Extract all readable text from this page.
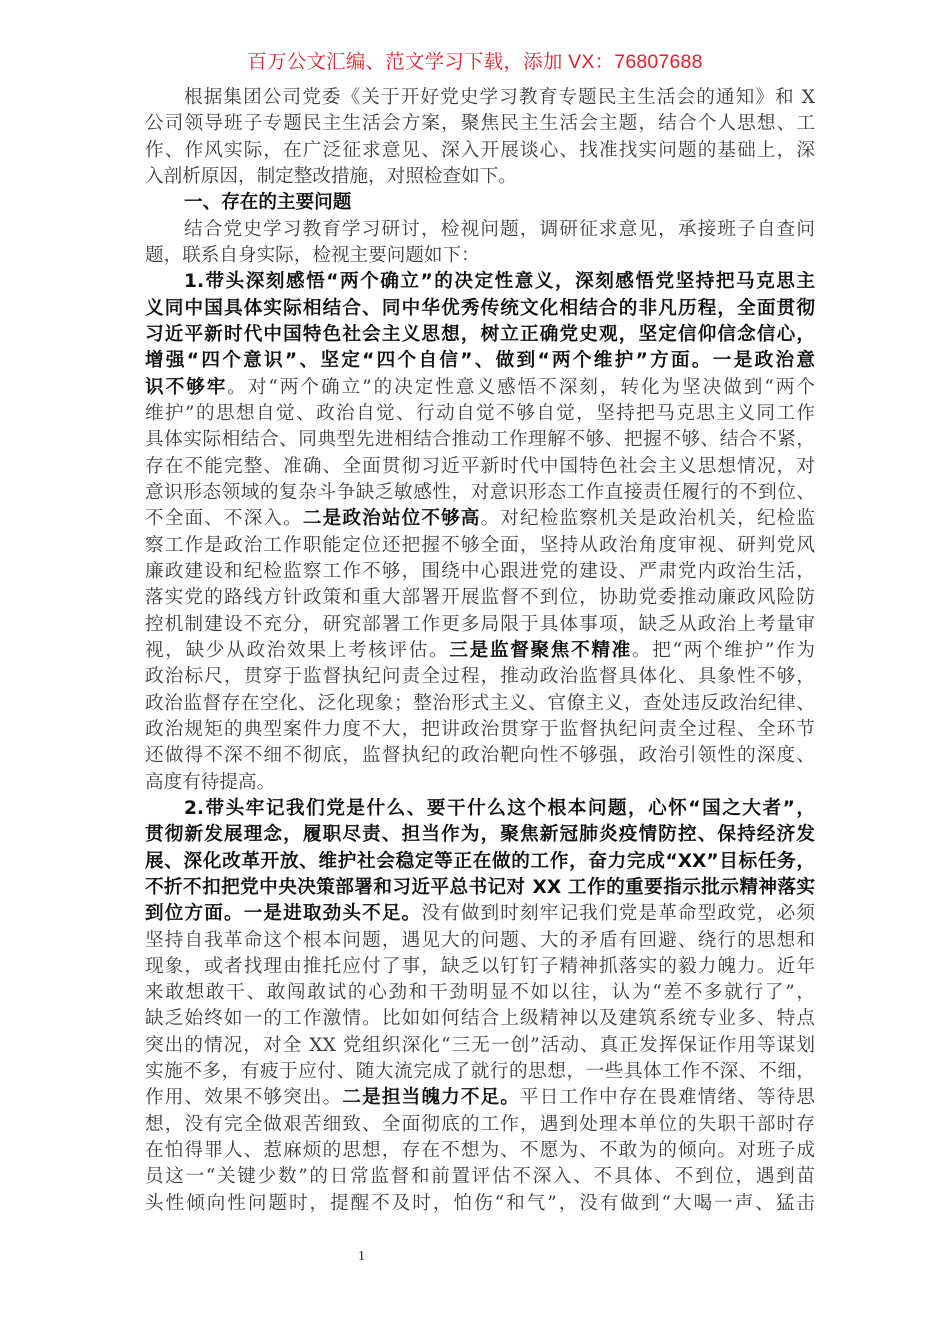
百万公文汇编、范文学习下载，添加 VX：76807688
根据集团公司党委《关于开好党史学习教育专题民主生活会的通知》和 X
公司领导班子专题民主生活会方案，聚焦民主生活会主题，结合个人思想、工
作、作风实际，在广泛征求意见、深入开展谈心、找准找实问题的基础上，深
入剖析原因，制定整改措施，对照检查如下。
一、存在的主要问题
结合党史学习教育学习研讨，检视问题，调研征求意见，承接班子自查问
题，联系自身实际，检视主要问题如下：
1.带头深刻感悟“两个确立”的决定性意义，深刻感悟党坚持把马克思主
义同中国具体实际相结合、同中华优秀传统文化相结合的非凡历程，全面贯彻
习近平新时代中国特色社会主义思想，树立正确党史观，坚定信仰信念信心，
增强“四个意识”、坚定“四个自信”、做到“两个维护”方面。一是政治意
识不够牢。对“两个确立”的决定性意义感悟不深刻，转化为坚决做到“两个
维护”的思想自觉、政治自觉、行动自觉不够自觉，坚持把马克思主义同工作
具体实际相结合、同典型先进相结合推动工作理解不够、把握不够、结合不紧，
存在不能完整、准确、全面贯彻习近平新时代中国特色社会主义思想情况，对
意识形态领域的复杂斗争缺乏敏感性，对意识形态工作直接责任履行的不到位、
不全面、不深入。二是政治站位不够高。对纪检监察机关是政治机关，纪检监
察工作是政治工作职能定位还把握不够全面，坚持从政治角度审视、研判党风
廉政建设和纪检监察工作不够，围绕中心跟进党的建设、严肃党内政治生活，
落实党的路线方针政策和重大部署开展监督不到位，协助党委推动廉政风险防
控机制建设不充分，研究部署工作更多局限于具体事项，缺乏从政治上考量审
视，缺少从政治效果上考核评估。三是监督聚焦不精准。把“两个维护”作为
政治标尺，贯穿于监督执纪问责全过程，推动政治监督具体化、具象性不够，
政治监督存在空化、泛化现象；整治形式主义、官僚主义，查处违反政治纪律、
政治规矩的典型案件力度不大，把讲政治贯穿于监督执纪问责全过程、全环节
还做得不深不细不彻底，监督执纪的政治靶向性不够强，政治引领性的深度、
高度有待提高。
2.带头牢记我们党是什么、要干什么这个根本问题，心怀“国之大者”，
贯彻新发展理念，履职尽责、担当作为，聚焦新冠肺炎疫情防控、保持经济发
展、深化改革开放、维护社会稳定等正在做的工作，奋力完成“XX”目标任务，
不折不扣把党中央决策部署和习近平总书记对 XX 工作的重要指示批示精神落实
到位方面。一是进取劲头不足。没有做到时刻牢记我们党是革命型政党，必须
坚持自我革命这个根本问题，遇见大的问题、大的矛盾有回避、绕行的思想和
现象，或者找理由推托应付了事，缺乏以钉钉子精神抓落实的毅力魄力。近年
来敢想敢干、敢闯敢试的心劲和干劲明显不如以往，认为“差不多就行了”，
缺乏始终如一的工作激情。比如如何结合上级精神以及建筑系统专业多、特点
突出的情况，对全 XX 党组织深化“三无一创”活动、真正发挥保证作用等谋划
实施不多，有疲于应付、随大流完成了就行的思想，一些具体工作不深、不细，
作用、效果不够突出。二是担当魄力不足。平日工作中存在畏难情绪、等待思
想，没有完全做艰苦细致、全面彻底的工作，遇到处理本单位的失职干部时存
在怕得罪人、惹麻烦的思想，存在不想为、不愿为、不敢为的倾向。对班子成
员这一“关键少数”的日常监督和前置评估不深入、不具体、不到位，遇到苗
头性倾向性问题时，提醒不及时，怕伤“和气”，没有做到“大喝一声、猛击
1
